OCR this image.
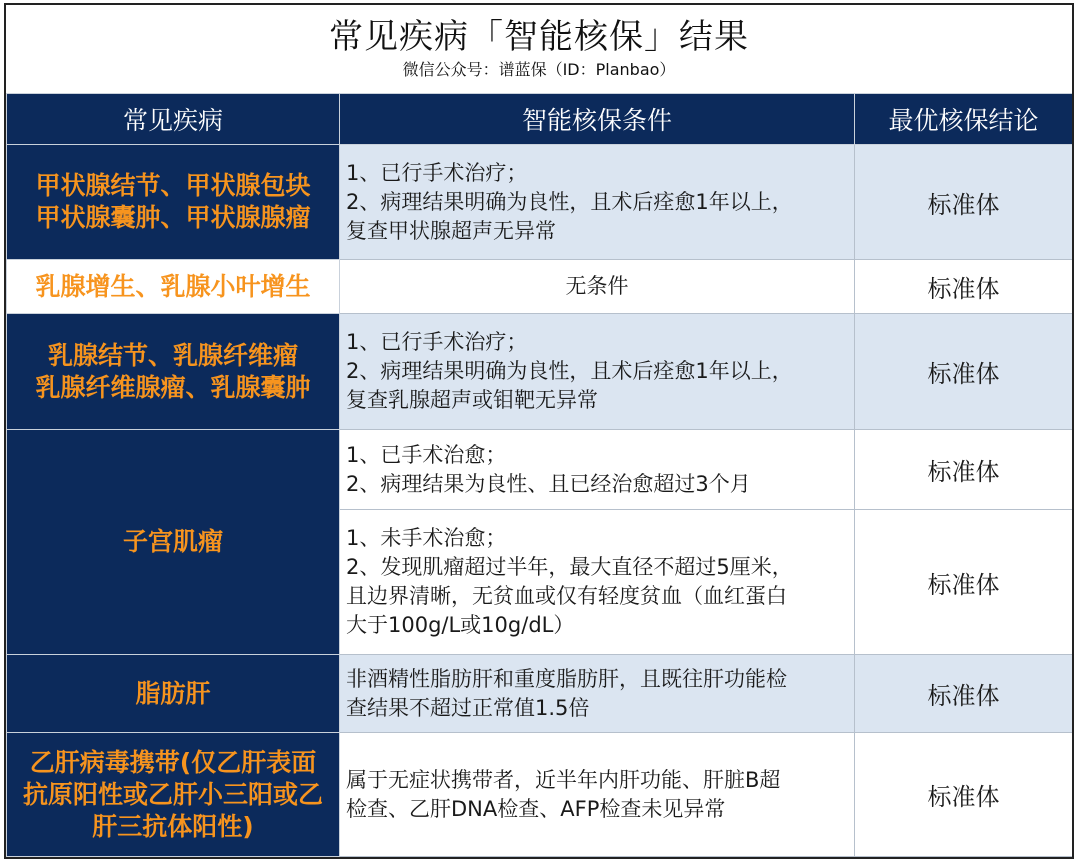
常见疾病「智能核保」结果
微信公众号：谱蓝保（ID：Planbao）
常见疾病	智能核保条件	最优核保结论
甲状腺结节、甲状腺包块
甲状腺囊肿、甲状腺腺瘤	1、已行手术治疗；
2、病理结果明确为良性，且术后痊愈1年以上，
复查甲状腺超声无异常	标准体
乳腺增生、乳腺小叶增生	无条件	标准体
乳腺结节、乳腺纤维瘤
乳腺纤维腺瘤、乳腺囊肿	1、已行手术治疗；
2、病理结果明确为良性，且术后痊愈1年以上，
复查乳腺超声或钼靶无异常	标准体
子宫肌瘤	1、已手术治愈；
2、病理结果为良性、且已经治愈超过3个月	标准体
	1、未手术治愈；
2、发现肌瘤超过半年，最大直径不超过5厘米，
且边界清晰，无贫血或仅有轻度贫血（血红蛋白
大于100g/L或10g/dL）	标准体
脂肪肝	非酒精性脂肪肝和重度脂肪肝，且既往肝功能检
查结果不超过正常值1.5倍	标准体
乙肝病毒携带(仅乙肝表面
抗原阳性或乙肝小三阳或乙
肝三抗体阳性)	属于无症状携带者，近半年内肝功能、肝脏B超
检查、乙肝DNA检查、AFP检查未见异常	标准体
